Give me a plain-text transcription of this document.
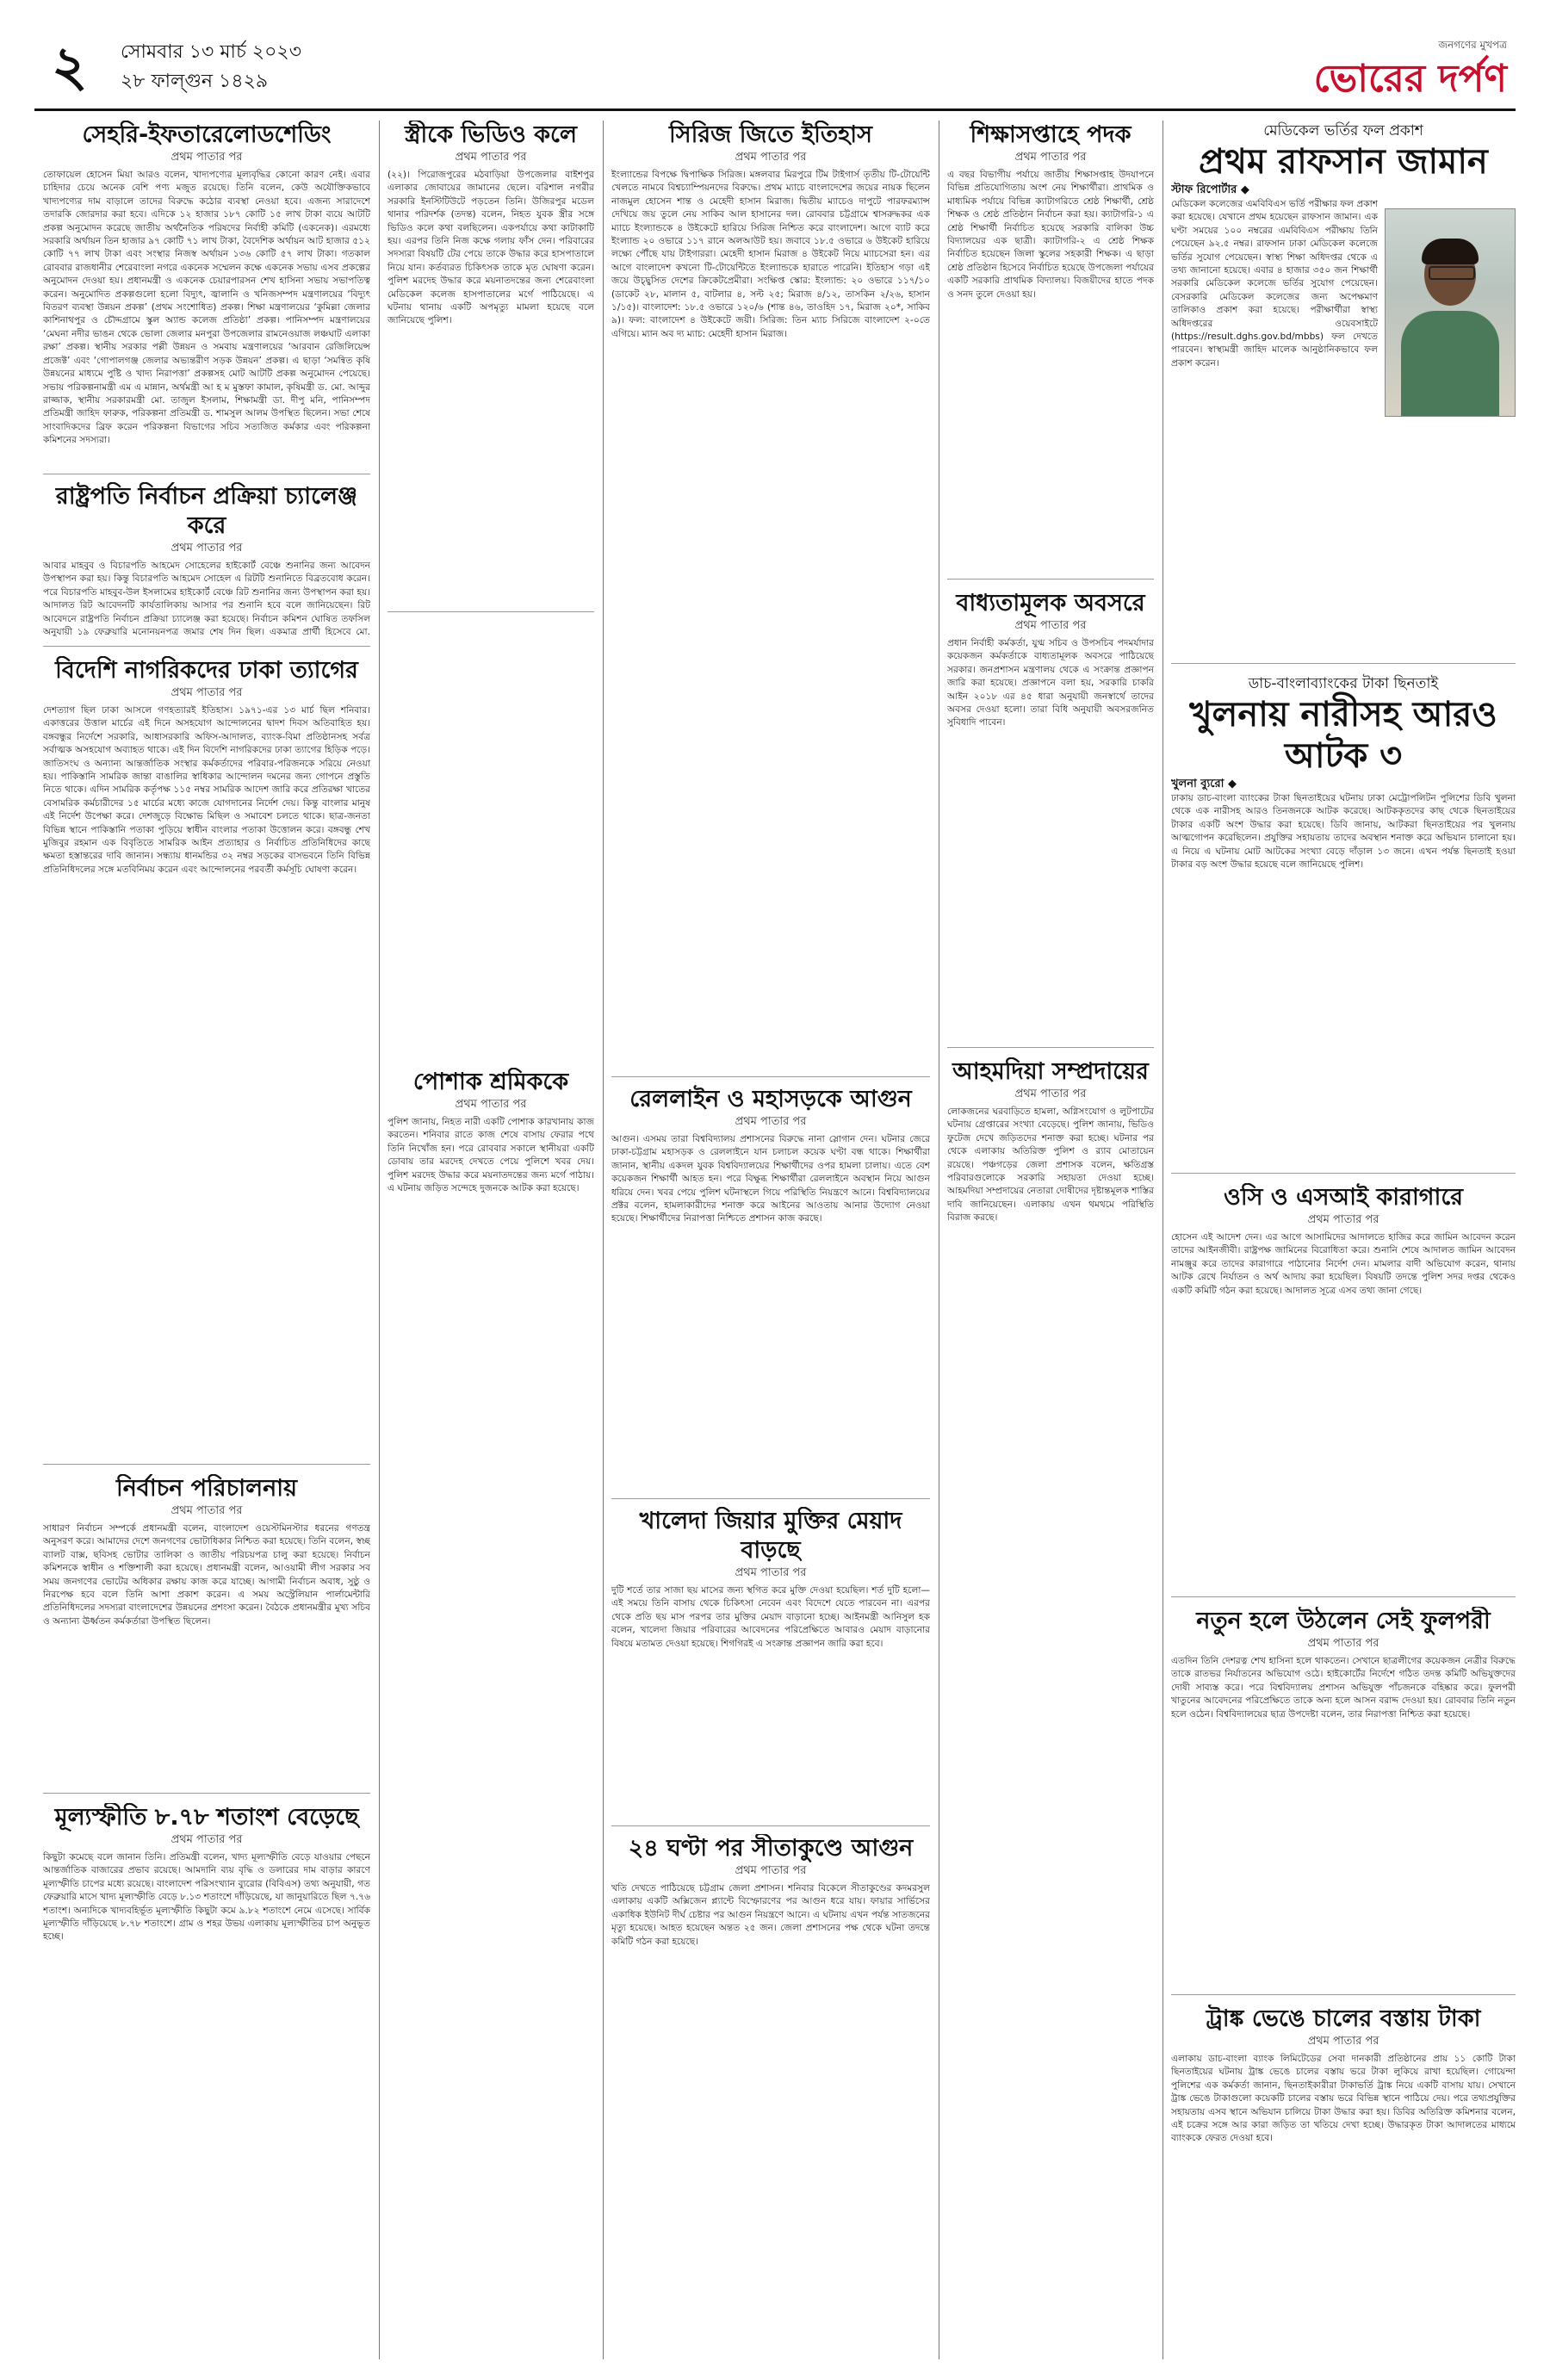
২ সোমবার ১৩ মার্চ ২০২৩
২৮ ফাল্গুন ১৪২৯
জনগণের মুখপত্র
ভোরের দর্পণ
সেহরি-ইফতারেলোডশেডিং
প্রথম পাতার পর
তোফায়েল হোসেন মিয়া আরও বলেন, খাদ্যপণ্যের মূল্যবৃদ্ধির কোনো কারণ নেই। এবার চাহিদার চেয়ে অনেক বেশি পণ্য মজুত রয়েছে। তিনি বলেন, কেউ অযৌক্তিকভাবে খাদ্যপণ্যের দাম বাড়ালে তাদের বিরুদ্ধে কঠোর ব্যবস্থা নেওয়া হবে। এজন্য সারাদেশে তদারকি জোরদার করা হবে। এদিকে ১২ হাজার ১৮৭ কোটি ১৫ লাখ টাকা ব্যয়ে আটটি প্রকল্প অনুমোদন করেছে জাতীয় অর্থনৈতিক পরিষদের নির্বাহী কমিটি (একনেক)। এরমধ্যে সরকারি অর্থায়ন তিন হাজার ৯৭ কোটি ৭১ লাখ টাকা, বৈদেশিক অর্থায়ন আট হাজার ৫১২ কোটি ৭৭ লাখ টাকা এবং সংস্থার নিজস্ব অর্থায়ন ১৩৬ কোটি ৫৭ লাখ টাকা। গতকাল রোববার রাজধানীর শেরেবাংলা নগরে একনেক সম্মেলন কক্ষে একনেক সভায় এসব প্রকল্পের অনুমোদন দেওয়া হয়। প্রধানমন্ত্রী ও একনেক চেয়ারপারসন শেখ হাসিনা সভায় সভাপতিত্ব করেন। অনুমোদিত প্রকল্পগুলো হলো বিদ্যুৎ, জ্বালানি ও খনিজসম্পদ মন্ত্রণালয়ের ‘বিদ্যুৎ বিতরণ ব্যবস্থা উন্নয়ন প্রকল্প’ (প্রথম সংশোধিত) প্রকল্প। শিক্ষা মন্ত্রণালয়ের ‘কুমিল্লা জেলার কাশিনাথপুর ও চৌদ্দগ্রামে স্কুল অ্যান্ড কলেজ প্রতিষ্ঠা’ প্রকল্প। পানিসম্পদ মন্ত্রণালয়ের ‘মেঘনা নদীর ভাঙন থেকে ভোলা জেলার মনপুরা উপজেলার রামনেওয়াজ লঞ্চঘাট এলাকা রক্ষা’ প্রকল্প। স্থানীয় সরকার পল্লী উন্নয়ন ও সমবায় মন্ত্রণালয়ের ‘আরবান রেজিলিয়েন্স প্রজেক্ট’ এবং ‘গোপালগঞ্জ জেলার অভ্যন্তরীণ সড়ক উন্নয়ন’ প্রকল্প। এ ছাড়া ‘সমন্বিত কৃষি উন্নয়নের মাধ্যমে পুষ্টি ও খাদ্য নিরাপত্তা’ প্রকল্পসহ মোট আটটি প্রকল্প অনুমোদন পেয়েছে। সভায় পরিকল্পনামন্ত্রী এম এ মান্নান, অর্থমন্ত্রী আ হ ম মুস্তফা কামাল, কৃষিমন্ত্রী ড. মো. আব্দুর রাজ্জাক, স্থানীয় সরকারমন্ত্রী মো. তাজুল ইসলাম, শিক্ষামন্ত্রী ডা. দীপু মনি, পানিসম্পদ প্রতিমন্ত্রী জাহিদ ফারুক, পরিকল্পনা প্রতিমন্ত্রী ড. শামসুল আলম উপস্থিত ছিলেন। সভা শেষে সাংবাদিকদের ব্রিফ করেন পরিকল্পনা বিভাগের সচিব সত্যজিত কর্মকার এবং পরিকল্পনা কমিশনের সদস্যরা।
রাষ্ট্রপতি নির্বাচন প্রক্রিয়া চ্যালেঞ্জ করে
প্রথম পাতার পর
আবার মাহবুব ও বিচারপতি আহমেদ সোহেলের হাইকোর্ট বেঞ্চে শুনানির জন্য আবেদন উপস্থাপন করা হয়। কিন্তু বিচারপতি আহমেদ সোহেল এ রিটটি শুনানিতে বিব্রতবোধ করেন। পরে বিচারপতি মাহবুব-উল ইসলামের হাইকোর্ট বেঞ্চে রিট শুনানির জন্য উপস্থাপন করা হয়। আদালত রিট আবেদনটি কার্যতালিকায় আসার পর শুনানি হবে বলে জানিয়েছেন। রিট আবেদনে রাষ্ট্রপতি নির্বাচন প্রক্রিয়া চ্যালেঞ্জ করা হয়েছে। নির্বাচন কমিশন ঘোষিত তফসিল অনুযায়ী ১৯ ফেব্রুয়ারি মনোনয়নপত্র জমার শেষ দিন ছিল। একমাত্র প্রার্থী হিসেবে মো.
বিদেশি নাগরিকদের ঢাকা ত্যাগের
প্রথম পাতার পর
দেশত্যাগ ছিল ঢাকা আসলে গণহত্যারই ইতিহাস। ১৯৭১-এর ১৩ মার্চ ছিল শনিবার। একাত্তরের উত্তাল মার্চের এই দিনে অসহযোগ আন্দোলনের দ্বাদশ দিবস অতিবাহিত হয়। বঙ্গবন্ধুর নির্দেশে সরকারি, আধাসরকারি অফিস-আদালত, ব্যাংক-বিমা প্রতিষ্ঠানসহ সর্বত্র সর্বাত্মক অসহযোগ অব্যাহত থাকে। এই দিন বিদেশি নাগরিকদের ঢাকা ত্যাগের হিড়িক পড়ে। জাতিসংঘ ও অন্যান্য আন্তর্জাতিক সংস্থার কর্মকর্তাদের পরিবার-পরিজনকে সরিয়ে নেওয়া হয়। পাকিস্তানি সামরিক জান্তা বাঙালির স্বাধিকার আন্দোলন দমনের জন্য গোপনে প্রস্তুতি নিতে থাকে। এদিন সামরিক কর্তৃপক্ষ ১১৫ নম্বর সামরিক আদেশ জারি করে প্রতিরক্ষা খাতের বেসামরিক কর্মচারীদের ১৫ মার্চের মধ্যে কাজে যোগদানের নির্দেশ দেয়। কিন্তু বাংলার মানুষ এই নির্দেশ উপেক্ষা করে। দেশজুড়ে বিক্ষোভ মিছিল ও সমাবেশ চলতে থাকে। ছাত্র-জনতা বিভিন্ন স্থানে পাকিস্তানি পতাকা পুড়িয়ে স্বাধীন বাংলার পতাকা উত্তোলন করে। বঙ্গবন্ধু শেখ মুজিবুর রহমান এক বিবৃতিতে সামরিক আইন প্রত্যাহার ও নির্বাচিত প্রতিনিধিদের কাছে ক্ষমতা হস্তান্তরের দাবি জানান। সন্ধ্যায় ধানমন্ডির ৩২ নম্বর সড়কের বাসভবনে তিনি বিভিন্ন প্রতিনিধিদলের সঙ্গে মতবিনিময় করেন এবং আন্দোলনের পরবর্তী কর্মসূচি ঘোষণা করেন।
নির্বাচন পরিচালনায়
প্রথম পাতার পর
সাধারণ নির্বাচন সম্পর্কে প্রধানমন্ত্রী বলেন, বাংলাদেশ ওয়েস্টমিনস্টার ধরনের গণতন্ত্র অনুসরণ করে। আমাদের দেশে জনগণের ভোটাধিকার নিশ্চিত করা হয়েছে। তিনি বলেন, স্বচ্ছ ব্যালট বাক্স, ছবিসহ ভোটার তালিকা ও জাতীয় পরিচয়পত্র চালু করা হয়েছে। নির্বাচন কমিশনকে স্বাধীন ও শক্তিশালী করা হয়েছে। প্রধানমন্ত্রী বলেন, আওয়ামী লীগ সরকার সব সময় জনগণের ভোটের অধিকার রক্ষায় কাজ করে যাচ্ছে। আগামী নির্বাচন অবাধ, সুষ্ঠু ও নিরপেক্ষ হবে বলে তিনি আশা প্রকাশ করেন। এ সময় অস্ট্রেলিয়ান পার্লামেন্টারি প্রতিনিধিদলের সদস্যরা বাংলাদেশের উন্নয়নের প্রশংসা করেন। বৈঠকে প্রধানমন্ত্রীর মুখ্য সচিব ও অন্যান্য ঊর্ধ্বতন কর্মকর্তারা উপস্থিত ছিলেন।
মূল্যস্ফীতি ৮.৭৮ শতাংশ বেড়েছে
প্রথম পাতার পর
কিছুটা কমেছে বলে জানান তিনি। প্রতিমন্ত্রী বলেন, খাদ্য মূল্যস্ফীতি বেড়ে যাওয়ার পেছনে আন্তর্জাতিক বাজারের প্রভাব রয়েছে। আমদানি ব্যয় বৃদ্ধি ও ডলারের দাম বাড়ার কারণে মূল্যস্ফীতি চাপের মধ্যে রয়েছে। বাংলাদেশ পরিসংখ্যান ব্যুরোর (বিবিএস) তথ্য অনুযায়ী, গত ফেব্রুয়ারি মাসে খাদ্য মূল্যস্ফীতি বেড়ে ৮.১৩ শতাংশে দাঁড়িয়েছে, যা জানুয়ারিতে ছিল ৭.৭৬ শতাংশ। অন্যদিকে খাদ্যবহির্ভূত মূল্যস্ফীতি কিছুটা কমে ৯.৮২ শতাংশে নেমে এসেছে। সার্বিক মূল্যস্ফীতি দাঁড়িয়েছে ৮.৭৮ শতাংশে। গ্রাম ও শহর উভয় এলাকায় মূল্যস্ফীতির চাপ অনুভূত হচ্ছে।
স্ত্রীকে ভিডিও কলে
প্রথম পাতার পর
(২২)। পিরোজপুরের মঠবাড়িয়া উপজেলার বাইশপুর এলাকার জোবায়ের জামানের ছেলে। বরিশাল নগরীর সরকারি ইনস্টিটিউটে পড়তেন তিনি। উজিরপুর মডেল থানার পরিদর্শক (তদন্ত) বলেন, নিহত যুবক স্ত্রীর সঙ্গে ভিডিও কলে কথা বলছিলেন। একপর্যায়ে কথা কাটাকাটি হয়। এরপর তিনি নিজ কক্ষে গলায় ফাঁস দেন। পরিবারের সদস্যরা বিষয়টি টের পেয়ে তাকে উদ্ধার করে হাসপাতালে নিয়ে যান। কর্তব্যরত চিকিৎসক তাকে মৃত ঘোষণা করেন। পুলিশ মরদেহ উদ্ধার করে ময়নাতদন্তের জন্য শেরেবাংলা মেডিকেল কলেজ হাসপাতালের মর্গে পাঠিয়েছে। এ ঘটনায় থানায় একটি অপমৃত্যু মামলা হয়েছে বলে জানিয়েছে পুলিশ।
পোশাক শ্রমিককে
প্রথম পাতার পর
পুলিশ জানায়, নিহত নারী একটি পোশাক কারখানায় কাজ করতেন। শনিবার রাতে কাজ শেষে বাসায় ফেরার পথে তিনি নিখোঁজ হন। পরে রোববার সকালে স্থানীয়রা একটি ডোবায় তার মরদেহ দেখতে পেয়ে পুলিশে খবর দেয়। পুলিশ মরদেহ উদ্ধার করে ময়নাতদন্তের জন্য মর্গে পাঠায়। এ ঘটনায় জড়িত সন্দেহে দুজনকে আটক করা হয়েছে।
সিরিজ জিতে ইতিহাস
প্রথম পাতার পর
ইংল্যান্ডের বিপক্ষে দ্বিপাক্ষিক সিরিজ। মঙ্গলবার মিরপুরে টিম টাইগার্স তৃতীয় টি-টোয়েন্টি খেলতে নামবে বিশ্বচ্যাম্পিয়নদের বিরুদ্ধে। প্রথম ম্যাচে বাংলাদেশের জয়ের নায়ক ছিলেন নাজমুল হোসেন শান্ত ও মেহেদী হাসান মিরাজ। দ্বিতীয় ম্যাচেও দাপুটে পারফরম্যান্স দেখিয়ে জয় তুলে নেয় সাকিব আল হাসানের দল। রোববার চট্টগ্রামে শ্বাসরুদ্ধকর এক ম্যাচে ইংল্যান্ডকে ৪ উইকেটে হারিয়ে সিরিজ নিশ্চিত করে বাংলাদেশ। আগে ব্যাট করে ইংল্যান্ড ২০ ওভারে ১১৭ রানে অলআউট হয়। জবাবে ১৮.৫ ওভারে ৬ উইকেট হারিয়ে লক্ষ্যে পৌঁছে যায় টাইগাররা। মেহেদী হাসান মিরাজ ৪ উইকেট নিয়ে ম্যাচসেরা হন। এর আগে বাংলাদেশ কখনো টি-টোয়েন্টিতে ইংল্যান্ডকে হারাতে পারেনি। ইতিহাস গড়া এই জয়ে উচ্ছ্বসিত দেশের ক্রিকেটপ্রেমীরা। সংক্ষিপ্ত স্কোর: ইংল্যান্ড: ২০ ওভারে ১১৭/১০ (ডাকেট ২৮, মালান ৫, বাটলার ৪, সল্ট ২৫; মিরাজ ৪/১২, তাসকিন ২/২৬, হাসান ১/১৫)। বাংলাদেশ: ১৮.৫ ওভারে ১২০/৬ (শান্ত ৪৬, তাওহিদ ১৭, মিরাজ ২০*, সাকিব ৯)। ফল: বাংলাদেশ ৪ উইকেটে জয়ী। সিরিজ: তিন ম্যাচ সিরিজে বাংলাদেশ ২-০তে এগিয়ে। ম্যান অব দ্য ম্যাচ: মেহেদী হাসান মিরাজ।
রেললাইন ও মহাসড়কে আগুন
প্রথম পাতার পর
আগুন। এসময় তারা বিশ্ববিদ্যালয় প্রশাসনের বিরুদ্ধে নানা স্লোগান দেন। ঘটনার জেরে ঢাকা-চট্টগ্রাম মহাসড়ক ও রেললাইনে যান চলাচল কয়েক ঘণ্টা বন্ধ থাকে। শিক্ষার্থীরা জানান, স্থানীয় একদল যুবক বিশ্ববিদ্যালয়ের শিক্ষার্থীদের ওপর হামলা চালায়। এতে বেশ কয়েকজন শিক্ষার্থী আহত হন। পরে বিক্ষুব্ধ শিক্ষার্থীরা রেললাইনে অবস্থান নিয়ে আগুন ধরিয়ে দেন। খবর পেয়ে পুলিশ ঘটনাস্থলে গিয়ে পরিস্থিতি নিয়ন্ত্রণে আনে। বিশ্ববিদ্যালয়ের প্রক্টর বলেন, হামলাকারীদের শনাক্ত করে আইনের আওতায় আনার উদ্যোগ নেওয়া হয়েছে। শিক্ষার্থীদের নিরাপত্তা নিশ্চিতে প্রশাসন কাজ করছে।
খালেদা জিয়ার মুক্তির মেয়াদ বাড়ছে
প্রথম পাতার পর
দুটি শর্তে তার সাজা ছয় মাসের জন্য স্থগিত করে মুক্তি দেওয়া হয়েছিল। শর্ত দুটি হলো—এই সময়ে তিনি বাসায় থেকে চিকিৎসা নেবেন এবং বিদেশে যেতে পারবেন না। এরপর থেকে প্রতি ছয় মাস পরপর তার মুক্তির মেয়াদ বাড়ানো হচ্ছে। আইনমন্ত্রী আনিসুল হক বলেন, খালেদা জিয়ার পরিবারের আবেদনের পরিপ্রেক্ষিতে আবারও মেয়াদ বাড়ানোর বিষয়ে মতামত দেওয়া হয়েছে। শিগগিরই এ সংক্রান্ত প্রজ্ঞাপন জারি করা হবে।
২৪ ঘণ্টা পর সীতাকুণ্ডে আগুন
প্রথম পাতার পর
খতি দেখতে পাঠিয়েছে চট্টগ্রাম জেলা প্রশাসন। শনিবার বিকেলে সীতাকুণ্ডের কদমরসুল এলাকায় একটি অক্সিজেন প্ল্যান্টে বিস্ফোরণের পর আগুন ধরে যায়। ফায়ার সার্ভিসের একাধিক ইউনিট দীর্ঘ চেষ্টার পর আগুন নিয়ন্ত্রণে আনে। এ ঘটনায় এখন পর্যন্ত সাতজনের মৃত্যু হয়েছে। আহত হয়েছেন অন্তত ২৫ জন। জেলা প্রশাসনের পক্ষ থেকে ঘটনা তদন্তে কমিটি গঠন করা হয়েছে।
শিক্ষাসপ্তাহে পদক
প্রথম পাতার পর
এ বছর বিভাগীয় পর্যায়ে জাতীয় শিক্ষাসপ্তাহ উদযাপনে বিভিন্ন প্রতিযোগিতায় অংশ নেয় শিক্ষার্থীরা। প্রাথমিক ও মাধ্যমিক পর্যায়ে বিভিন্ন ক্যাটাগরিতে শ্রেষ্ঠ শিক্ষার্থী, শ্রেষ্ঠ শিক্ষক ও শ্রেষ্ঠ প্রতিষ্ঠান নির্বাচন করা হয়। ক্যাটাগরি-১ এ শ্রেষ্ঠ শিক্ষার্থী নির্বাচিত হয়েছে সরকারি বালিকা উচ্চ বিদ্যালয়ের এক ছাত্রী। ক্যাটাগরি-২ এ শ্রেষ্ঠ শিক্ষক নির্বাচিত হয়েছেন জিলা স্কুলের সহকারী শিক্ষক। এ ছাড়া শ্রেষ্ঠ প্রতিষ্ঠান হিসেবে নির্বাচিত হয়েছে উপজেলা পর্যায়ের একটি সরকারি প্রাথমিক বিদ্যালয়। বিজয়ীদের হাতে পদক ও সনদ তুলে দেওয়া হয়।
বাধ্যতামূলক অবসরে
প্রথম পাতার পর
প্রধান নির্বাহী কর্মকর্তা, যুগ্ম সচিব ও উপসচিব পদমর্যাদার কয়েকজন কর্মকর্তাকে বাধ্যতামূলক অবসরে পাঠিয়েছে সরকার। জনপ্রশাসন মন্ত্রণালয় থেকে এ সংক্রান্ত প্রজ্ঞাপন জারি করা হয়েছে। প্রজ্ঞাপনে বলা হয়, সরকারি চাকরি আইন ২০১৮ এর ৪৫ ধারা অনুযায়ী জনস্বার্থে তাদের অবসর দেওয়া হলো। তারা বিধি অনুযায়ী অবসরজনিত সুবিধাদি পাবেন।
আহমদিয়া সম্প্রদায়ের
প্রথম পাতার পর
লোকজনের ঘরবাড়িতে হামলা, অগ্নিসংযোগ ও লুটপাটের ঘটনায় গ্রেপ্তারের সংখ্যা বেড়েছে। পুলিশ জানায়, ভিডিও ফুটেজ দেখে জড়িতদের শনাক্ত করা হচ্ছে। ঘটনার পর থেকে এলাকায় অতিরিক্ত পুলিশ ও র‍্যাব মোতায়েন রয়েছে। পঞ্চগড়ের জেলা প্রশাসক বলেন, ক্ষতিগ্রস্ত পরিবারগুলোকে সরকারি সহায়তা দেওয়া হচ্ছে। আহমদিয়া সম্প্রদায়ের নেতারা দোষীদের দৃষ্টান্তমূলক শাস্তির দাবি জানিয়েছেন। এলাকায় এখন থমথমে পরিস্থিতি বিরাজ করছে।
মেডিকেল ভর্তির ফল প্রকাশ
প্রথম রাফসান জামান
স্টাফ রিপোর্টার ◆
মেডিকেল কলেজের এমবিবিএস ভর্তি পরীক্ষার ফল প্রকাশ করা হয়েছে। যেখানে প্রথম হয়েছেন রাফসান জামান। এক ঘণ্টা সময়ের ১০০ নম্বরের এমবিবিএস পরীক্ষায় তিনি পেয়েছেন ৯২.৫ নম্বর। রাফসান ঢাকা মেডিকেল কলেজে ভর্তির সুযোগ পেয়েছেন। স্বাস্থ্য শিক্ষা অধিদপ্তর থেকে এ তথ্য জানানো হয়েছে। এবার ৪ হাজার ৩৫০ জন শিক্ষার্থী সরকারি মেডিকেল কলেজে ভর্তির সুযোগ পেয়েছেন। বেসরকারি মেডিকেল কলেজের জন্য অপেক্ষমাণ তালিকাও প্রকাশ করা হয়েছে। পরীক্ষার্থীরা স্বাস্থ্য অধিদপ্তরের ওয়েবসাইটে (https://result.dghs.gov.bd/mbbs) ফল দেখতে পারবেন। স্বাস্থ্যমন্ত্রী জাহিদ মালেক আনুষ্ঠানিকভাবে ফল প্রকাশ করেন।
ডাচ-বাংলাব্যাংকের টাকা ছিনতাই
খুলনায় নারীসহ আরও আটক ৩
খুলনা ব্যুরো ◆
ঢাকায় ডাচ-বাংলা ব্যাংকের টাকা ছিনতাইয়ের ঘটনায় ঢাকা মেট্রোপলিটন পুলিশের ডিবি খুলনা থেকে এক নারীসহ আরও তিনজনকে আটক করেছে। আটককৃতদের কাছ থেকে ছিনতাইয়ের টাকার একটি অংশ উদ্ধার করা হয়েছে। ডিবি জানায়, আটকরা ছিনতাইয়ের পর খুলনায় আত্মগোপন করেছিলেন। প্রযুক্তির সহায়তায় তাদের অবস্থান শনাক্ত করে অভিযান চালানো হয়। এ নিয়ে এ ঘটনায় মোট আটকের সংখ্যা বেড়ে দাঁড়াল ১৩ জনে। এখন পর্যন্ত ছিনতাই হওয়া টাকার বড় অংশ উদ্ধার হয়েছে বলে জানিয়েছে পুলিশ।
ওসি ও এসআই কারাগারে
প্রথম পাতার পর
হোসেন এই আদেশ দেন। এর আগে আসামিদের আদালতে হাজির করে জামিন আবেদন করেন তাদের আইনজীবী। রাষ্ট্রপক্ষ জামিনের বিরোধিতা করে। শুনানি শেষে আদালত জামিন আবেদন নামঞ্জুর করে তাদের কারাগারে পাঠানোর নির্দেশ দেন। মামলার বাদী অভিযোগ করেন, থানায় আটক রেখে নির্যাতন ও অর্থ আদায় করা হয়েছিল। বিষয়টি তদন্তে পুলিশ সদর দপ্তর থেকেও একটি কমিটি গঠন করা হয়েছে। আদালত সূত্রে এসব তথ্য জানা গেছে।
নতুন হলে উঠলেন সেই ফুলপরী
প্রথম পাতার পর
এতদিন তিনি দেশরত্ন শেখ হাসিনা হলে থাকতেন। সেখানে ছাত্রলীগের কয়েকজন নেত্রীর বিরুদ্ধে তাকে রাতভর নির্যাতনের অভিযোগ ওঠে। হাইকোর্টের নির্দেশে গঠিত তদন্ত কমিটি অভিযুক্তদের দোষী সাব্যস্ত করে। পরে বিশ্ববিদ্যালয় প্রশাসন অভিযুক্ত পাঁচজনকে বহিষ্কার করে। ফুলপরী খাতুনের আবেদনের পরিপ্রেক্ষিতে তাকে অন্য হলে আসন বরাদ্দ দেওয়া হয়। রোববার তিনি নতুন হলে ওঠেন। বিশ্ববিদ্যালয়ের ছাত্র উপদেষ্টা বলেন, তার নিরাপত্তা নিশ্চিত করা হয়েছে।
ট্রাঙ্ক ভেঙে চালের বস্তায় টাকা
প্রথম পাতার পর
এলাকায় ডাচ-বাংলা ব্যাংক লিমিটেডের সেবা দানকারী প্রতিষ্ঠানের প্রায় ১১ কোটি টাকা ছিনতাইয়ের ঘটনায় ট্রাঙ্ক ভেঙে চালের বস্তায় ভরে টাকা লুকিয়ে রাখা হয়েছিল। গোয়েন্দা পুলিশের এক কর্মকর্তা জানান, ছিনতাইকারীরা টাকাভর্তি ট্রাঙ্ক নিয়ে একটি বাসায় যায়। সেখানে ট্রাঙ্ক ভেঙে টাকাগুলো কয়েকটি চালের বস্তায় ভরে বিভিন্ন স্থানে পাঠিয়ে দেয়। পরে তথ্যপ্রযুক্তির সহায়তায় এসব স্থানে অভিযান চালিয়ে টাকা উদ্ধার করা হয়। ডিবির অতিরিক্ত কমিশনার বলেন, এই চক্রের সঙ্গে আর কারা জড়িত তা খতিয়ে দেখা হচ্ছে। উদ্ধারকৃত টাকা আদালতের মাধ্যমে ব্যাংককে ফেরত দেওয়া হবে।
